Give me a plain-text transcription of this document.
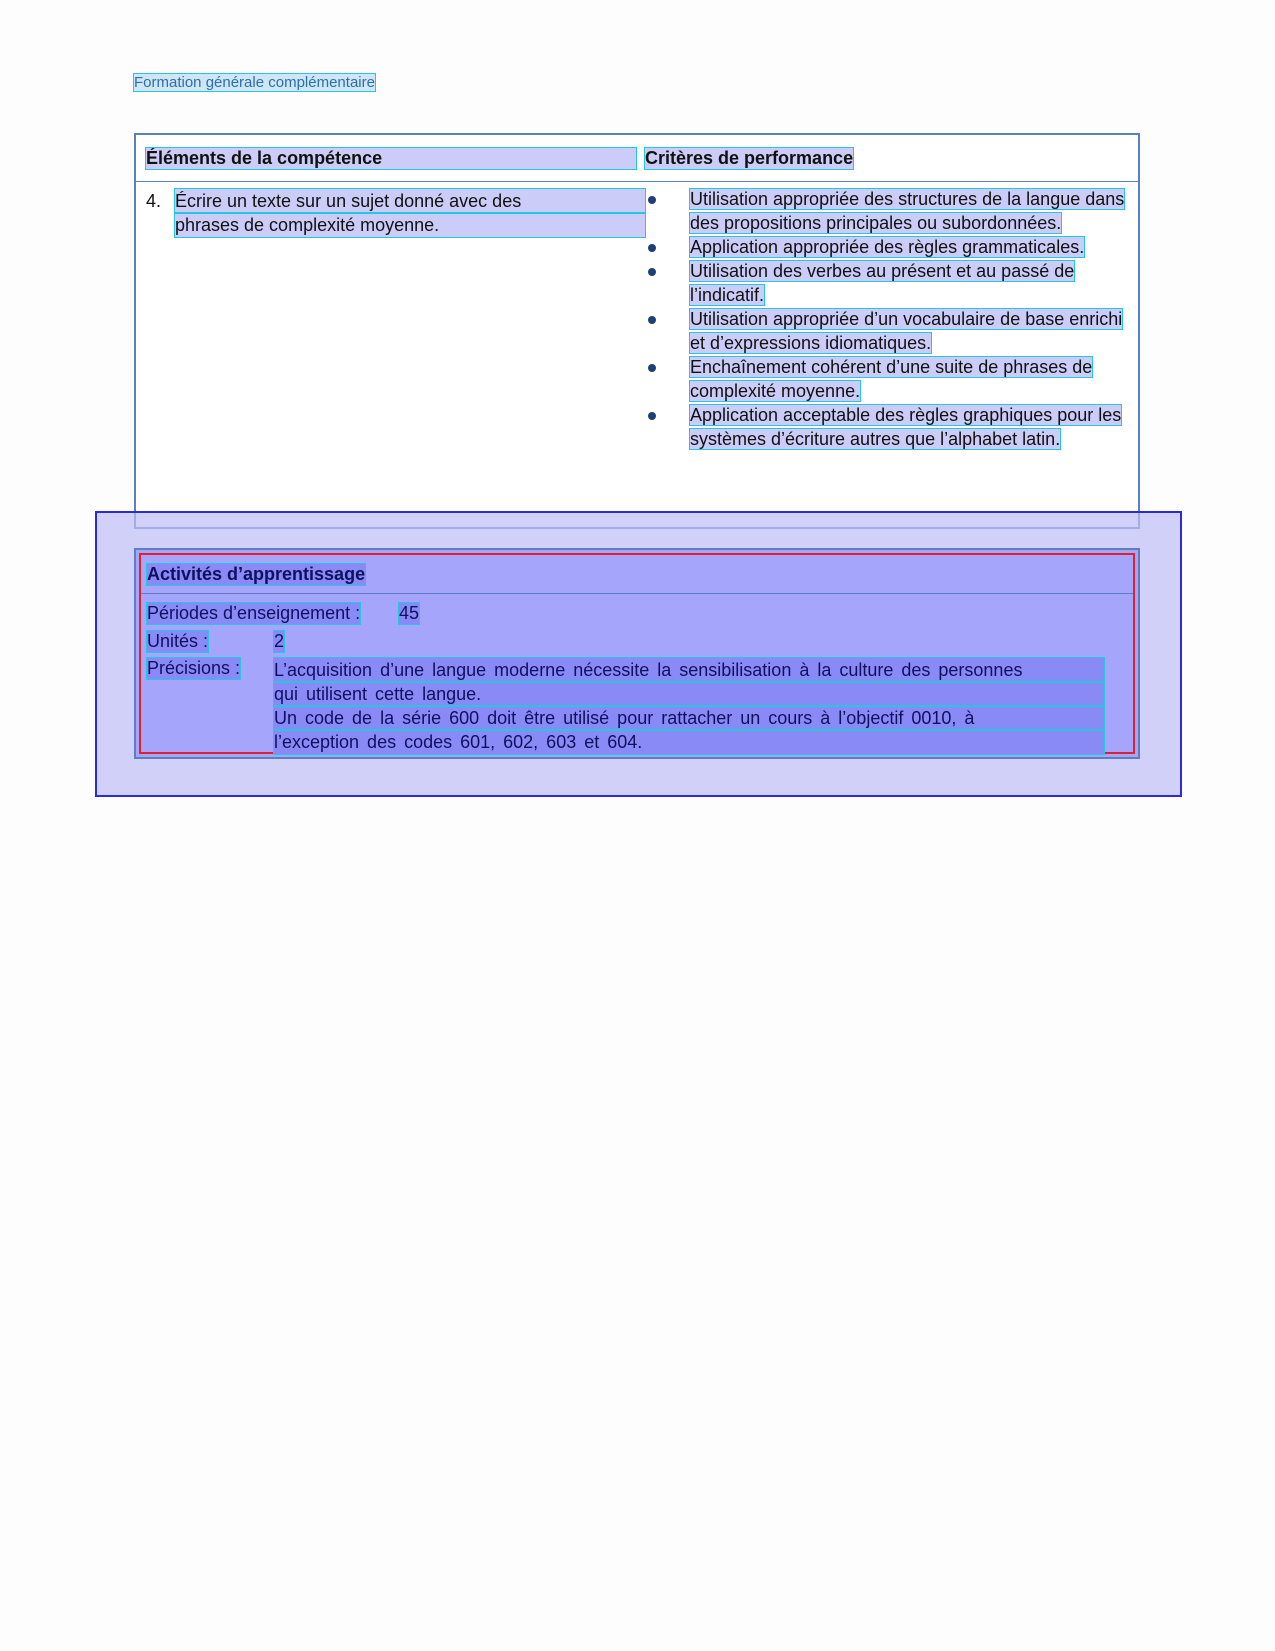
Formation générale complémentaire
Éléments de la compétence	Critères de performance
4. Écrire un texte sur un sujet donné avec des
phrases de complexité moyenne.
Utilisation appropriée des structures de la langue dans des propositions principales ou subordonnées.
Application appropriée des règles grammaticales.
Utilisation des verbes au présent et au passé de l’indicatif.
Utilisation appropriée d’un vocabulaire de base enrichi et d’expressions idiomatiques.
Enchaînement cohérent d’une suite de phrases de complexité moyenne.
Application acceptable des règles graphiques pour les systèmes d’écriture autres que l’alphabet latin.
Activités d’apprentissage
Périodes d’enseignement : 45
Unités :	2
Précisions : L’acquisition d’une langue moderne nécessite la sensibilisation à la culture des personnes
qui utilisent cette langue.
Un code de la série 600 doit être utilisé pour rattacher un cours à l’objectif 0010, à
l’exception des codes 601, 602, 603 et 604.
